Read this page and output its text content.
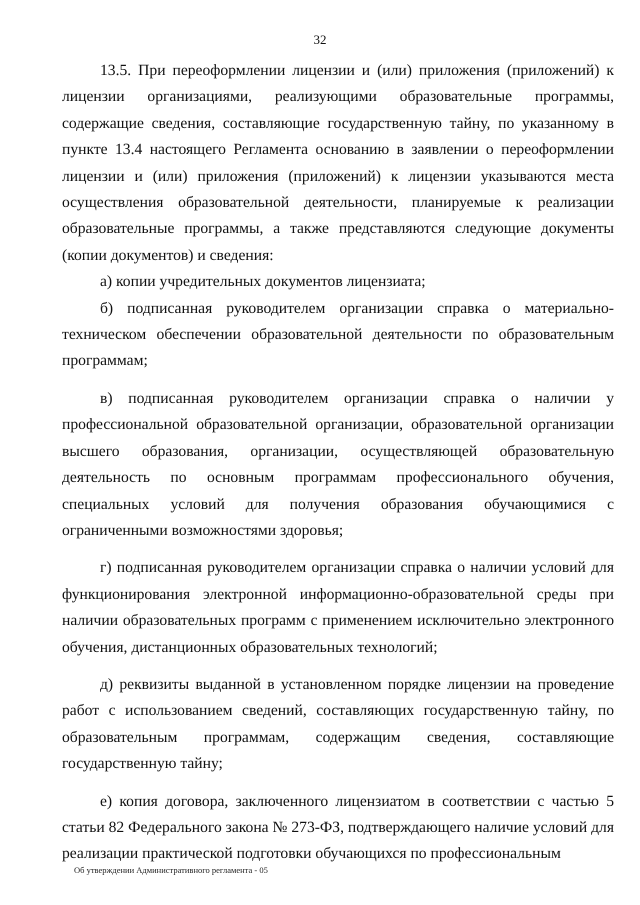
32

13.5. При переоформлении лицензии и (или) приложения (приложений) к лицензии организациями, реализующими образовательные программы, содержащие сведения, составляющие государственную тайну, по указанному в пункте 13.4 настоящего Регламента основанию в заявлении о переоформлении лицензии и (или) приложения (приложений) к лицензии указываются места осуществления образовательной деятельности, планируемые к реализации образовательные программы, а также представляются следующие документы (копии документов) и сведения:

а) копии учредительных документов лицензиата;

б) подписанная руководителем организации справка о материально-техническом обеспечении образовательной деятельности по образовательным программам;

в) подписанная руководителем организации справка о наличии у профессиональной образовательной организации, образовательной организации высшего образования, организации, осуществляющей образовательную деятельность по основным программам профессионального обучения, специальных условий для получения образования обучающимися с ограниченными возможностями здоровья;

г) подписанная руководителем организации справка о наличии условий для функционирования электронной информационно-образовательной среды при наличии образовательных программ с применением исключительно электронного обучения, дистанционных образовательных технологий;

д) реквизиты выданной в установленном порядке лицензии на проведение работ с использованием сведений, составляющих государственную тайну, по образовательным программам, содержащим сведения, составляющие государственную тайну;

е) копия договора, заключенного лицензиатом в соответствии с частью 5 статьи 82 Федерального закона № 273-ФЗ, подтверждающего наличие условий для реализации практической подготовки обучающихся по профессиональным

Об утверждении Административного регламента - 05
